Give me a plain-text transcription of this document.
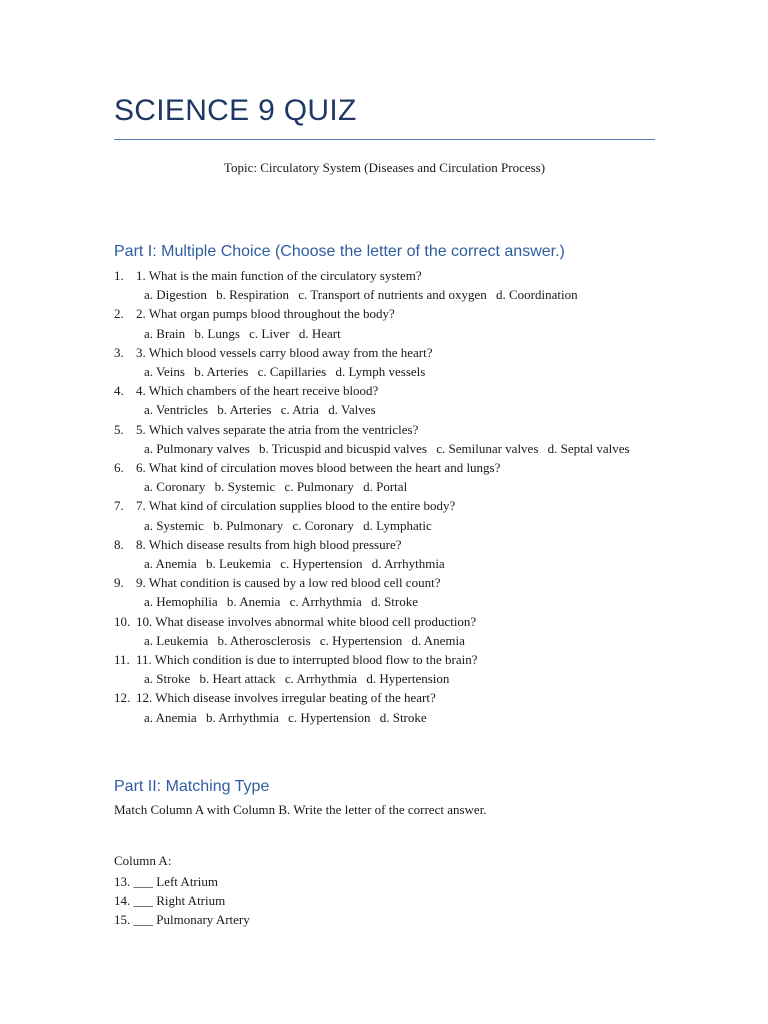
SCIENCE 9 QUIZ
Topic: Circulatory System (Diseases and Circulation Process)
Part I: Multiple Choice (Choose the letter of the correct answer.)
1. 1. What is the main function of the circulatory system?
a. Digestion b. Respiration c. Transport of nutrients and oxygen d. Coordination
2. 2. What organ pumps blood throughout the body?
a. Brain b. Lungs c. Liver d. Heart
3. 3. Which blood vessels carry blood away from the heart?
a. Veins b. Arteries c. Capillaries d. Lymph vessels
4. 4. Which chambers of the heart receive blood?
a. Ventricles b. Arteries c. Atria d. Valves
5. 5. Which valves separate the atria from the ventricles?
a. Pulmonary valves b. Tricuspid and bicuspid valves c. Semilunar valves d. Septal valves
6. 6. What kind of circulation moves blood between the heart and lungs?
a. Coronary b. Systemic c. Pulmonary d. Portal
7. 7. What kind of circulation supplies blood to the entire body?
a. Systemic b. Pulmonary c. Coronary d. Lymphatic
8. 8. Which disease results from high blood pressure?
a. Anemia b. Leukemia c. Hypertension d. Arrhythmia
9. 9. What condition is caused by a low red blood cell count?
a. Hemophilia b. Anemia c. Arrhythmia d. Stroke
10. 10. What disease involves abnormal white blood cell production?
a. Leukemia b. Atherosclerosis c. Hypertension d. Anemia
11. 11. Which condition is due to interrupted blood flow to the brain?
a. Stroke b. Heart attack c. Arrhythmia d. Hypertension
12. 12. Which disease involves irregular beating of the heart?
a. Anemia b. Arrhythmia c. Hypertension d. Stroke
Part II: Matching Type
Match Column A with Column B. Write the letter of the correct answer.
Column A:
13. ___ Left Atrium
14. ___ Right Atrium
15. ___ Pulmonary Artery
